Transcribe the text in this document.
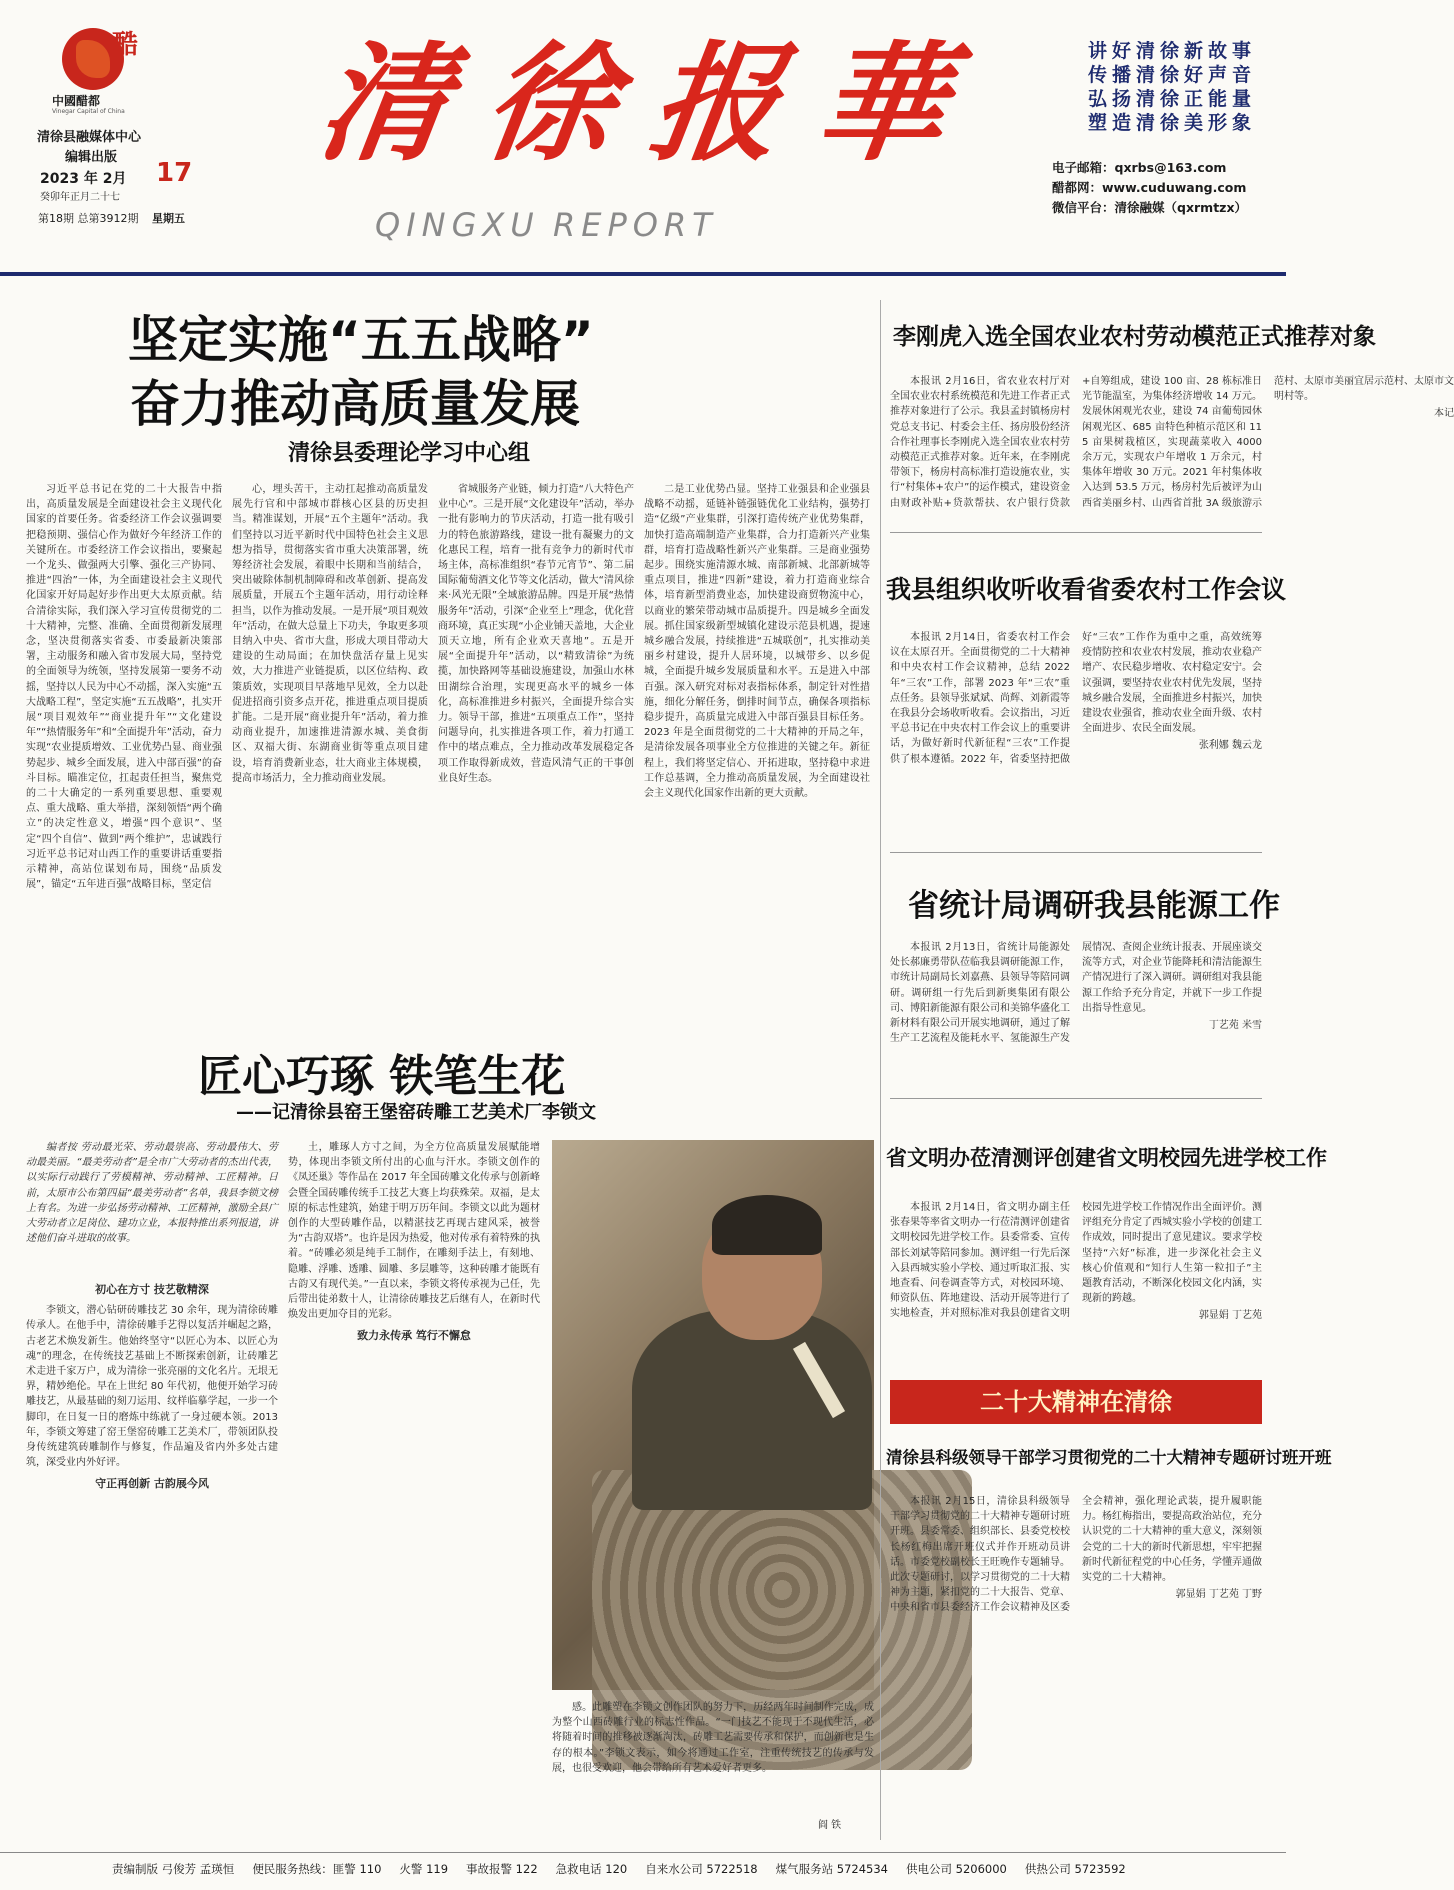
酷
中國醋都
Vinegar Capital of China
清徐县融媒体中心
编辑出版
2023 年 2月 17
癸卯年正月二十七
第18期 总第3912期 星期五
清徐报華
QINGXU REPORT
讲好清徐新故事
传播清徐好声音
弘扬清徐正能量
塑造清徐美形象
电子邮箱：qxrbs@163.com
醋都网：www.cuduwang.com
微信平台：清徐融媒（qxrmtzx）
坚定实施“五五战略”
奋力推动高质量发展
清徐县委理论学习中心组

习近平总书记在党的二十大报告中指出，高质量发展是全面建设社会主义现代化国家的首要任务。省委经济工作会议强调要把稳预期、强信心作为做好今年经济工作的关键所在。市委经济工作会议指出，要聚起一个龙头、做强两大引擎、强化三产协同、推进“四治”一体，为全面建设社会主义现代化国家开好局起好步作出更大太原贡献。结合清徐实际，我们深入学习宣传贯彻党的二十大精神，完整、准确、全面贯彻新发展理念，坚决贯彻落实省委、市委最新决策部署，主动服务和融入省市发展大局，坚持党的全面领导为统领，坚持发展第一要务不动摇，坚持以人民为中心不动摇，深入实施“五大战略工程”，坚定实施“五五战略”，扎实开展“项目观效年”“商业提升年”“文化建设年”“热情服务年”和“全面提升年”活动，奋力实现“农业提质增效、工业优势凸显、商业强势起步、城乡全面发展，进入中部百强”的奋斗目标。瞄准定位，扛起责任担当，聚焦党的二十大确定的一系列重要思想、重要观点、重大战略、重大举措，深刻领悟“两个确立”的决定性意义，增强“四个意识”、坚定“四个自信”、做到“两个维护”，忠诚践行习近平总书记对山西工作的重要讲话重要指示精神，高站位谋划布局，围绕“品质发展”，锚定“五年进百强”战略目标，坚定信

心，埋头苦干，主动扛起推动高质量发展先行官和中部城市群核心区县的历史担当。精准谋划，开展“五个主题年”活动。我们坚持以习近平新时代中国特色社会主义思想为指导，贯彻落实省市重大决策部署，统筹经济社会发展，着眼中长期和当前结合，突出破除体制机制障碍和改革创新、提高发展质量，开展五个主题年活动，用行动诠释担当，以作为推动发展。一是开展“项目观效年”活动，在做大总量上下功夫，争取更多项目纳入中央、省市大盘，形成大项目带动大建设的生动局面；在加快盘活存量上见实效，大力推进产业链提质，以区位结构、政策质效，实现项目早落地早见效，全力以赴促进招商引资多点开花，推进重点项目提质扩能。二是开展“商业提升年”活动，着力推动商业提升，加速推进清源水城、美食街区、双福大街、东湖商业街等重点项目建设，培育消费新业态，壮大商业主体规模，提高市场活力，全力推动商业发展。

省城服务产业链，倾力打造“八大特色产业中心”。三是开展“文化建设年”活动，举办一批有影响力的节庆活动，打造一批有吸引力的特色旅游路线，建设一批有凝聚力的文化惠民工程，培育一批有竞争力的新时代市场主体，高标准组织“春节元宵节”、第二届国际葡萄酒文化节等文化活动，做大“清风徐来·风光无限”全域旅游品牌。四是开展“热情服务年”活动，引深“企业至上”理念，优化营商环境，真正实现“小企业铺天盖地，大企业顶天立地，所有企业欢天喜地”。五是开展“全面提升年”活动，以“精致清徐”为统揽，加快路网等基础设施建设，加强山水林田湖综合治理，实现更高水平的城乡一体化，高标准推进乡村振兴，全面提升综合实力。领导干部，推进“五项重点工作”，坚持问题导向，扎实推进各项工作，着力打通工作中的堵点难点，全力推动改革发展稳定各项工作取得新成效，营造风清气正的干事创业良好生态。

二是工业优势凸显。坚持工业强县和企业强县战略不动摇，延链补链强链优化工业结构，强势打造“亿级”产业集群，引深打造传统产业优势集群，加快打造高端制造产业集群，合力打造新兴产业集群，培育打造战略性新兴产业集群。三是商业强势起步。围绕实施清源水城、南部新城、北部新城等重点项目，推进“四新”建设，着力打造商业综合体，培育新型消费业态，加快建设商贸物流中心，以商业的繁荣带动城市品质提升。四是城乡全面发展。抓住国家级新型城镇化建设示范县机遇，提速城乡融合发展，持续推进“五城联创”，扎实推动美丽乡村建设，提升人居环境，以城带乡、以乡促城，全面提升城乡发展质量和水平。五是进入中部百强。深入研究对标对表指标体系，制定针对性措施，细化分解任务，倒排时间节点，确保各项指标稳步提升，高质量完成进入中部百强县目标任务。2023 年是全面贯彻党的二十大精神的开局之年，是清徐发展各项事业全方位推进的关键之年。新征程上，我们将坚定信心、开拓进取，坚持稳中求进工作总基调，全力推动高质量发展，为全面建设社会主义现代化国家作出新的更大贡献。

匠心巧琢 铁笔生花
——记清徐县窑王堡窑砖雕工艺美术厂李锁文

编者按 劳动最光荣、劳动最崇高、劳动最伟大、劳动最美丽。“最美劳动者”是全市广大劳动者的杰出代表，以实际行动践行了劳模精神、劳动精神、工匠精神。日前，太原市公布第四届“最美劳动者”名单，我县李锁文榜上有名。为进一步弘扬劳动精神、工匠精神，激励全县广大劳动者立足岗位、建功立业，本报特推出系列报道，讲述他们奋斗进取的故事。

初心在方寸 技艺敬精深

李锁文，潜心钻研砖雕技艺 30 余年，现为清徐砖雕传承人。在他手中，清徐砖雕手艺得以复活并崛起之路，古老艺术焕发新生。他始终坚守“以匠心为本、以匠心为魂”的理念，在传统技艺基础上不断探索创新，让砖雕艺术走进千家万户，成为清徐一张亮丽的文化名片。无垠无界，精妙绝伦。早在上世纪 80 年代初，他便开始学习砖雕技艺，从最基础的刻刀运用、纹样临摹学起，一步一个脚印，在日复一日的磨炼中练就了一身过硬本领。2013 年，李锁文筹建了窑王堡窑砖雕工艺美术厂，带领团队投身传统建筑砖雕制作与修复，作品遍及省内外多处古建筑，深受业内外好评。

守正再创新 古韵展今风

土，雕琢人方寸之间，为全方位高质量发展赋能增势，体现出李锁文所付出的心血与汗水。李锁文创作的《凤还巢》等作品在 2017 年全国砖雕文化传承与创新峰会暨全国砖雕传统手工技艺大赛上均获殊荣。双福，是太原的标志性建筑，始建于明万历年间。李锁文以此为题材创作的大型砖雕作品，以精湛技艺再现古建风采，被誉为“古韵双塔”。也许是因为热爱，他对传承有着特殊的执着。“砖雕必须是纯手工制作，在雕刻手法上，有刻地、隐雕、浮雕、透雕、圆雕、多层雕等，这种砖雕才能既有古韵又有现代美。”一直以来，李锁文将传承视为己任，先后带出徒弟数十人，让清徐砖雕技艺后继有人，在新时代焕发出更加夺目的光彩。

致力永传承 笃行不懈怠

感。此雕塑在李锁文创作团队的努力下，历经两年时间制作完成，成为整个山西砖雕行业的标志性作品。“一门技艺不能现于不现代生活，必将随着时间的推移被逐渐淘汰，砖雕工艺需要传承和保护，而创新也是生存的根本。”李锁文表示，如今将通过工作室，注重传统技艺的传承与发展，也很受欢迎，他会带给所有艺术爱好者更多。

阎 铁
李刚虎入选全国农业农村劳动模范正式推荐对象

本报讯 2月16日，省农业农村厅对全国农业农村系统模范和先进工作者正式推荐对象进行了公示。我县孟封镇杨房村党总支书记、村委会主任、扬房股份经济合作社理事长李刚虎入选全国农业农村劳动模范正式推荐对象。近年来，在李刚虎带领下，杨房村高标准打造设施农业，实行“村集体+农户”的运作模式，建设资金由财政补贴+贷款帮扶、农户银行贷款+自筹组成，建设 100 亩、28 栋标准日光节能温室，为集体经济增收 14 万元。发展休闲观光农业，建设 74 亩葡萄园休闲观光区、685 亩特色种植示范区和 115 亩果树栽植区，实现蔬菜收入 4000 余万元，实现农户年增收 1 万余元，村集体年增收 30 万元。2021 年村集体收入达到 53.5 万元，杨房村先后被评为山西省美丽乡村、山西省首批 3A 级旅游示范村、太原市美丽宜居示范村、太原市文明村等。

本记
我县组织收听收看省委农村工作会议

本报讯 2月14日，省委农村工作会议在太原召开。全面贯彻党的二十大精神和中央农村工作会议精神，总结 2022 年“三农”工作，部署 2023 年“三农”重点任务。县领导张斌斌、尚辉、刘新霞等在我县分会场收听收看。会议指出，习近平总书记在中央农村工作会议上的重要讲话，为做好新时代新征程“三农”工作提供了根本遵循。2022 年，省委坚持把做好“三农”工作作为重中之重，高效统筹疫情防控和农业农村发展，推动农业稳产增产、农民稳步增收、农村稳定安宁。会议强调，要坚持农业农村优先发展，坚持城乡融合发展，全面推进乡村振兴，加快建设农业强省，推动农业全面升级、农村全面进步、农民全面发展。

张利娜 魏云龙
省统计局调研我县能源工作

本报讯 2月13日，省统计局能源处处长郝廉勇带队莅临我县调研能源工作，市统计局副局长刘嘉燕、县领导等陪同调研。调研组一行先后到新奥集团有限公司、博阳新能源有限公司和美锦华盛化工新材料有限公司开展实地调研，通过了解生产工艺流程及能耗水平、氢能源生产发展情况、查阅企业统计报表、开展座谈交流等方式，对企业节能降耗和清洁能源生产情况进行了深入调研。调研组对我县能源工作给予充分肯定，并就下一步工作提出指导性意见。

丁艺苑 米雪
省文明办莅清测评创建省文明校园先进学校工作

本报讯 2月14日，省文明办副主任张春果等率省文明办一行莅清测评创建省文明校园先进学校工作。县委常委、宣传部长刘斌等陪同参加。测评组一行先后深入县西城实验小学校、通过听取汇报、实地查看、问卷调查等方式，对校园环境、师资队伍、阵地建设、活动开展等进行了实地检查，并对照标准对我县创建省文明校园先进学校工作情况作出全面评价。测评组充分肯定了西城实验小学校的创建工作成效，同时提出了意见建议。要求学校坚持“六好”标准，进一步深化社会主义核心价值观和“知行人生第一粒扣子”主题教育活动，不断深化校园文化内涵，实现新的跨越。

郭显娟 丁艺苑
二十大精神在清徐
清徐县科级领导干部学习贯彻党的二十大精神专题研讨班开班

本报讯 2月15日，清徐县科级领导干部学习贯彻党的二十大精神专题研讨班开班。县委常委、组织部长、县委党校校长杨红梅出席开班仪式并作开班动员讲话。市委党校副校长王旺晚作专题辅导。此次专题研讨，以学习贯彻党的二十大精神为主题，紧扣党的二十大报告、党章、中央和省市县委经济工作会议精神及区委全会精神，强化理论武装，提升履职能力。杨红梅指出，要提高政治站位，充分认识党的二十大精神的重大意义，深刻领会党的二十大的新时代新思想，牢牢把握新时代新征程党的中心任务，学懂弄通做实党的二十大精神。

郭显娟 丁艺苑 丁野
责编制版 弓俊芳 孟瑛恒 便民服务热线：匪警 110 火警 119 事故报警 122 急救电话 120 自来水公司 5722518 煤气服务站 5724534 供电公司 5206000 供热公司 5723592
